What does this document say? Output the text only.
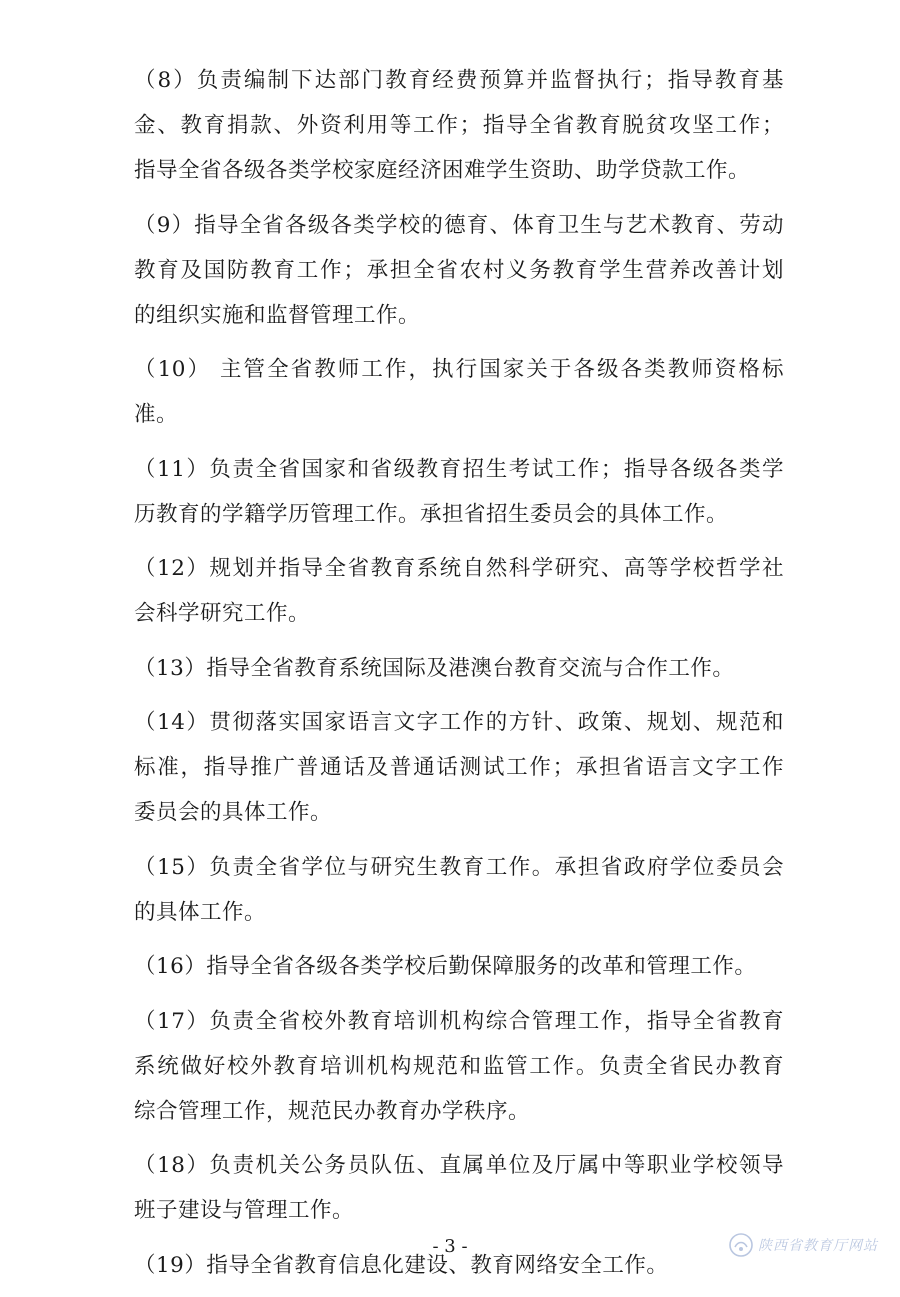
（8）负责编制下达部门教育经费预算并监督执行；指导教育基
金、教育捐款、外资利用等工作；指导全省教育脱贫攻坚工作；
指导全省各级各类学校家庭经济困难学生资助、助学贷款工作。
（9）指导全省各级各类学校的德育、体育卫生与艺术教育、劳动
教育及国防教育工作；承担全省农村义务教育学生营养改善计划
的组织实施和监督管理工作。
（10） 主管全省教师工作，执行国家关于各级各类教师资格标
准。
（11）负责全省国家和省级教育招生考试工作；指导各级各类学
历教育的学籍学历管理工作。承担省招生委员会的具体工作。
（12）规划并指导全省教育系统自然科学研究、高等学校哲学社
会科学研究工作。
（13）指导全省教育系统国际及港澳台教育交流与合作工作。
（14）贯彻落实国家语言文字工作的方针、政策、规划、规范和
标准，指导推广普通话及普通话测试工作；承担省语言文字工作
委员会的具体工作。
（15）负责全省学位与研究生教育工作。承担省政府学位委员会
的具体工作。
（16）指导全省各级各类学校后勤保障服务的改革和管理工作。
（17）负责全省校外教育培训机构综合管理工作，指导全省教育
系统做好校外教育培训机构规范和监管工作。负责全省民办教育
综合管理工作，规范民办教育办学秩序。
（18）负责机关公务员队伍、直属单位及厅属中等职业学校领导
班子建设与管理工作。
（19）指导全省教育信息化建设、教育网络安全工作。
- 3 -	陕西省教育厅网站
